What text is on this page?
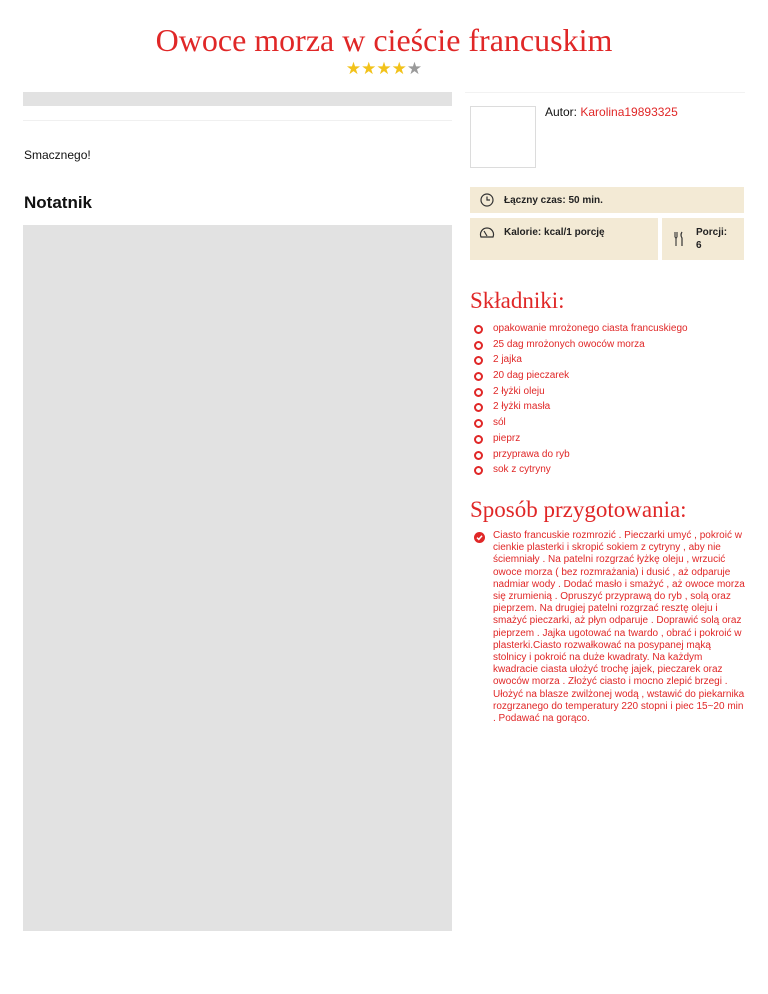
Owoce morza w cieście francuskim
★★★★★
Smacznego!
Notatnik
Autor: Karolina19893325
Łączny czas: 50 min.
Kalorie: kcal/1 porcję	Porcji:
6
Składniki:
opakowanie mrożonego ciasta francuskiego
25 dag mrożonych owoców morza
2 jajka
20 dag pieczarek
2 łyżki oleju
2 łyżki masła
sól
pieprz
przyprawa do ryb
sok z cytryny
Sposób przygotowania:
Ciasto francuskie rozmrozić . Pieczarki umyć , pokroić w cienkie plasterki i skropić sokiem z cytryny , aby nie ściemniały . Na patelni rozgrzać łyżkę oleju , wrzucić owoce morza ( bez rozmrażania) i dusić , aż odparuje nadmiar wody . Dodać masło i smażyć , aż owoce morza się zrumienią . Opruszyć przyprawą do ryb , solą oraz pieprzem. Na drugiej patelni rozgrzać resztę oleju i smażyć pieczarki, aż płyn odparuje . Doprawić solą oraz pieprzem . Jajka ugotować na twardo , obrać i pokroić w plasterki.Ciasto rozwałkować na posypanej mąką stolnicy i pokroić na duże kwadraty. Na każdym kwadracie ciasta ułożyć trochę jajek, pieczarek oraz owoców morza . Złożyć ciasto i mocno zlepić brzegi . Ułożyć na blasze zwilżonej wodą , wstawić do piekarnika rozgrzanego do temperatury 220 stopni i piec 15~20 min . Podawać na gorąco.
